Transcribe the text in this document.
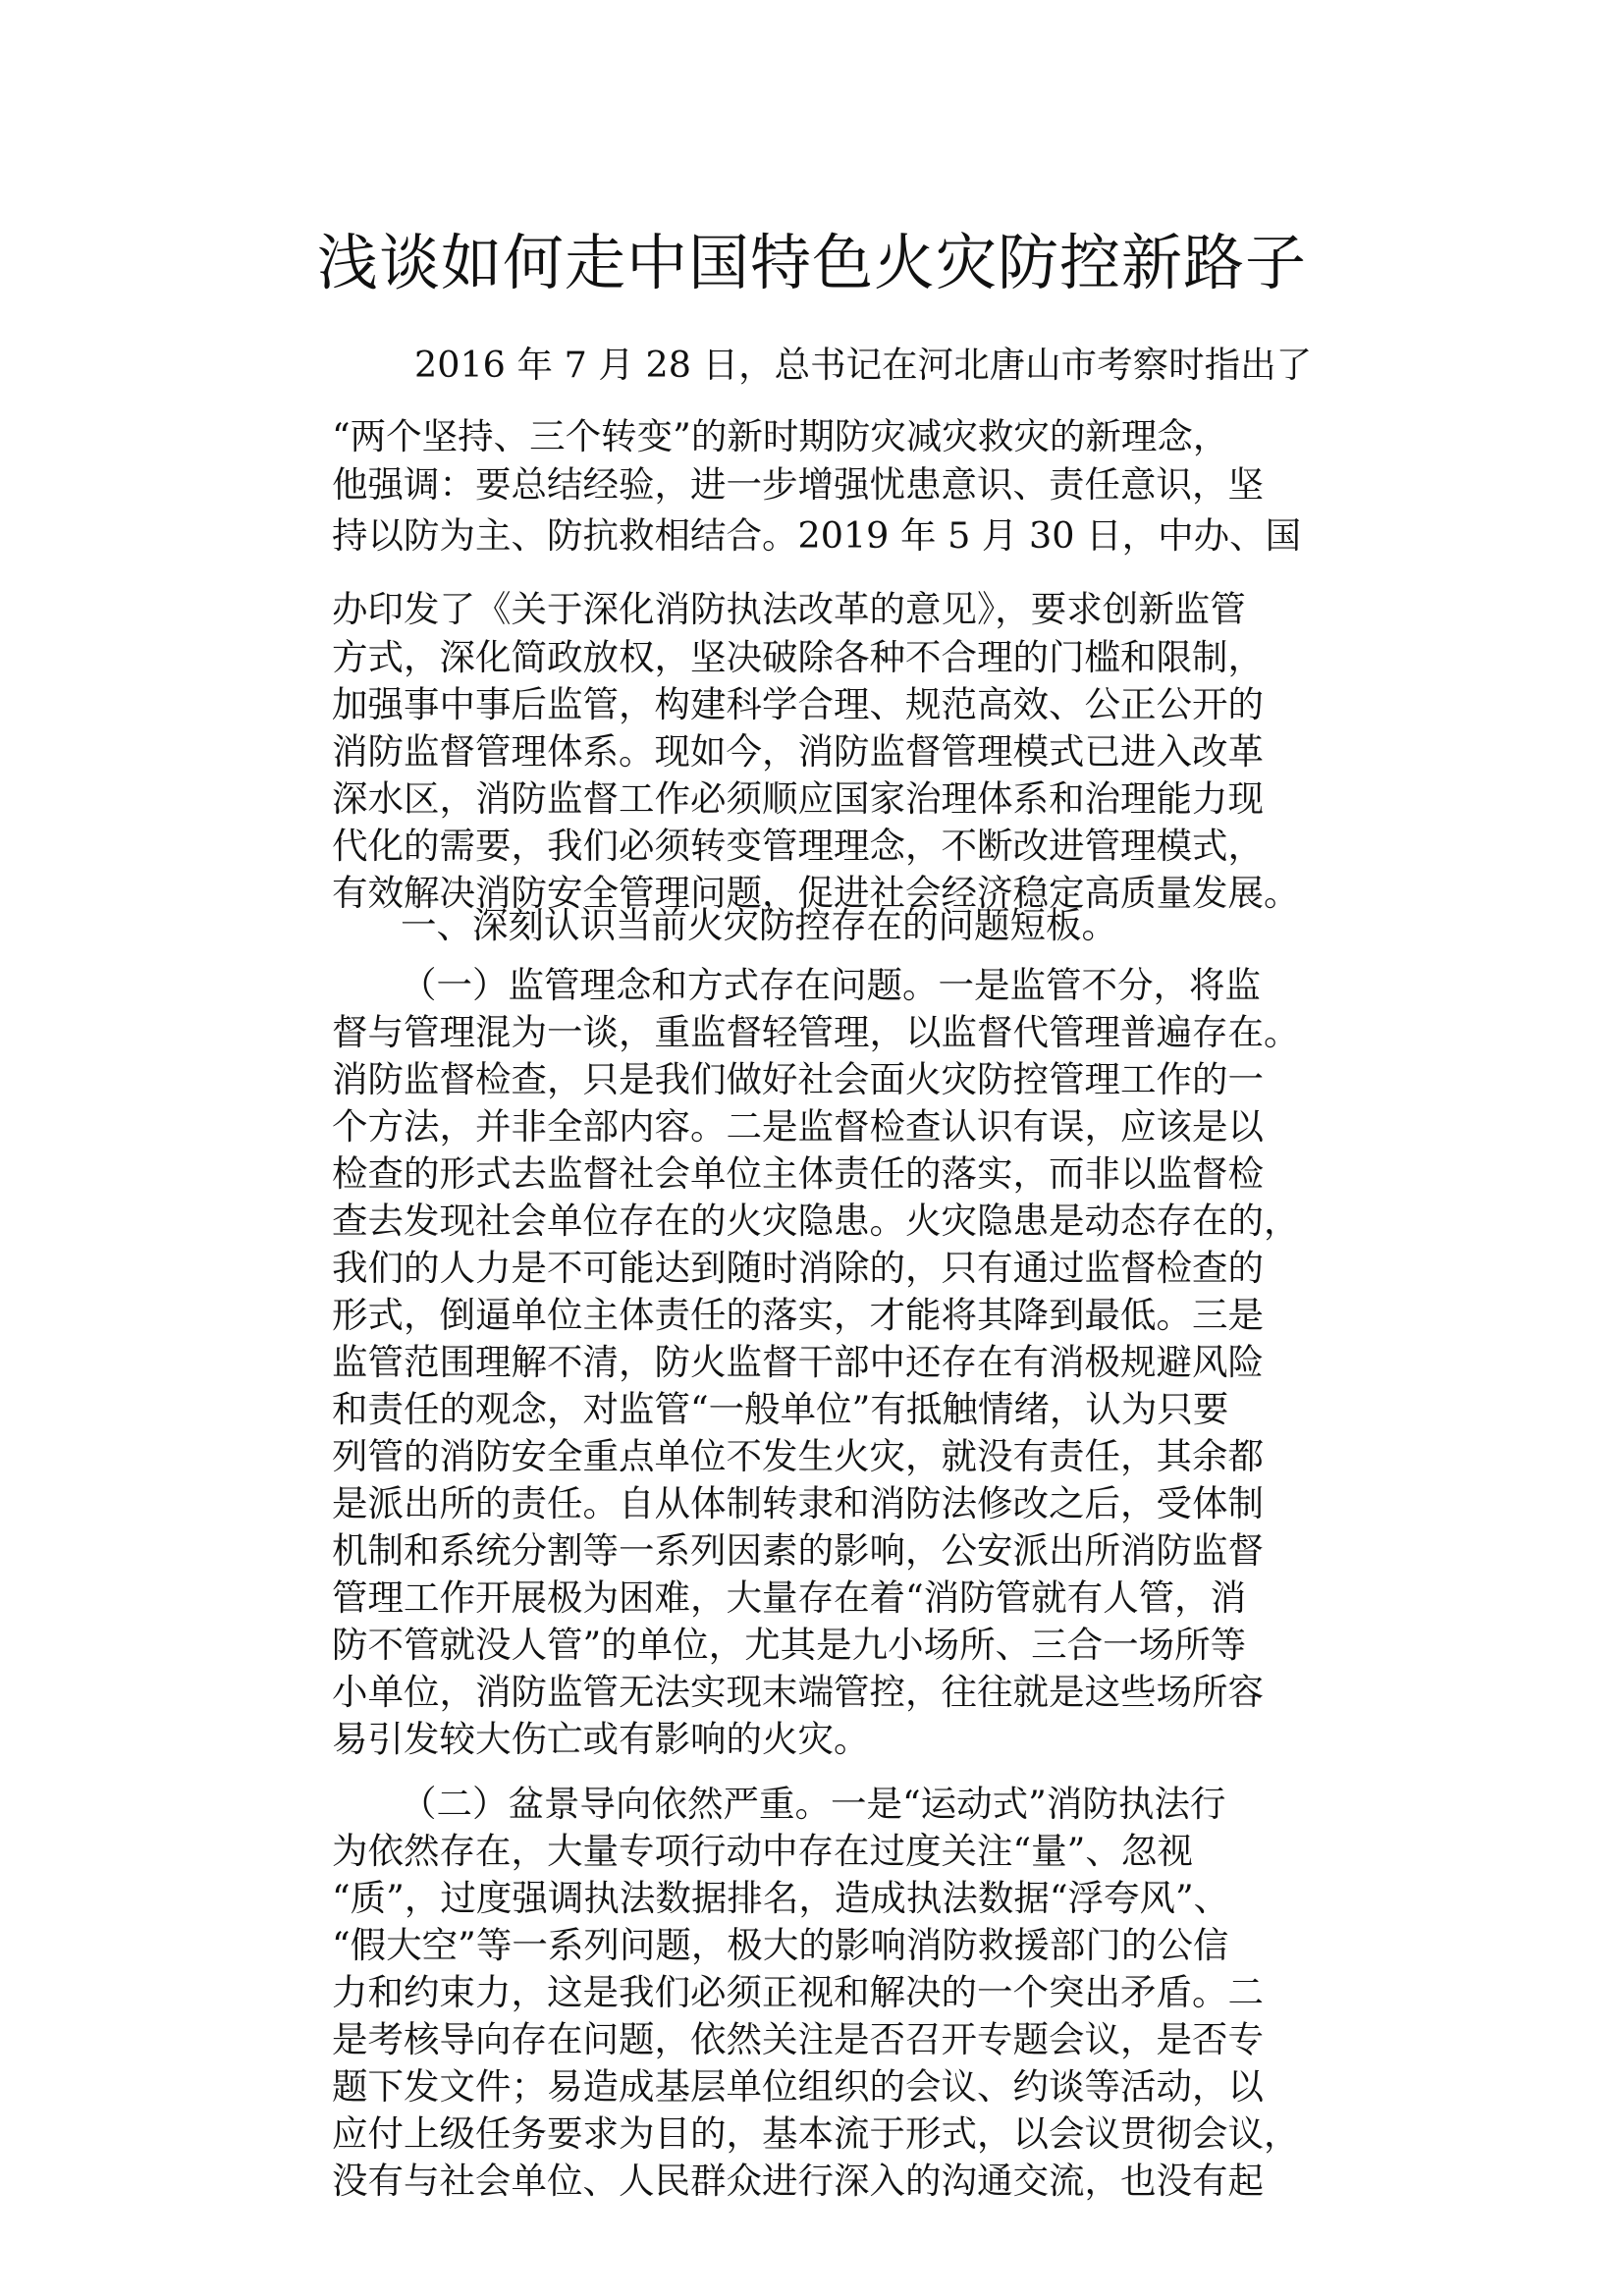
浅谈如何走中国特色火灾防控新路子
2016 年 7 月 28 日，总书记在河北唐山市考察时指出了
“两个坚持、三个转变”的新时期防灾减灾救灾的新理念，
他强调：要总结经验，进一步增强忧患意识、责任意识，坚
持以防为主、防抗救相结合。2019 年 5 月 30 日，中办、国
办印发了《关于深化消防执法改革的意见》，要求创新监管
方式，深化简政放权，坚决破除各种不合理的门槛和限制，
加强事中事后监管，构建科学合理、规范高效、公正公开的
消防监督管理体系。现如今，消防监督管理模式已进入改革
深水区，消防监督工作必须顺应国家治理体系和治理能力现
代化的需要，我们必须转变管理理念，不断改进管理模式，
有效解决消防安全管理问题，促进社会经济稳定高质量发展。
一、深刻认识当前火灾防控存在的问题短板。
（一）监管理念和方式存在问题。一是监管不分，将监
督与管理混为一谈，重监督轻管理，以监督代管理普遍存在。
消防监督检查，只是我们做好社会面火灾防控管理工作的一
个方法，并非全部内容。二是监督检查认识有误，应该是以
检查的形式去监督社会单位主体责任的落实，而非以监督检
查去发现社会单位存在的火灾隐患。火灾隐患是动态存在的，
我们的人力是不可能达到随时消除的，只有通过监督检查的
形式，倒逼单位主体责任的落实，才能将其降到最低。三是
监管范围理解不清，防火监督干部中还存在有消极规避风险
和责任的观念，对监管“一般单位”有抵触情绪，认为只要
列管的消防安全重点单位不发生火灾，就没有责任，其余都
是派出所的责任。自从体制转隶和消防法修改之后，受体制
机制和系统分割等一系列因素的影响，公安派出所消防监督
管理工作开展极为困难，大量存在着“消防管就有人管，消
防不管就没人管”的单位，尤其是九小场所、三合一场所等
小单位，消防监管无法实现末端管控，往往就是这些场所容
易引发较大伤亡或有影响的火灾。
（二）盆景导向依然严重。一是“运动式”消防执法行
为依然存在，大量专项行动中存在过度关注“量”、忽视
“质”，过度强调执法数据排名，造成执法数据“浮夸风”、
“假大空”等一系列问题，极大的影响消防救援部门的公信
力和约束力，这是我们必须正视和解决的一个突出矛盾。二
是考核导向存在问题，依然关注是否召开专题会议，是否专
题下发文件；易造成基层单位组织的会议、约谈等活动，以
应付上级任务要求为目的，基本流于形式，以会议贯彻会议，
没有与社会单位、人民群众进行深入的沟通交流，也没有起
